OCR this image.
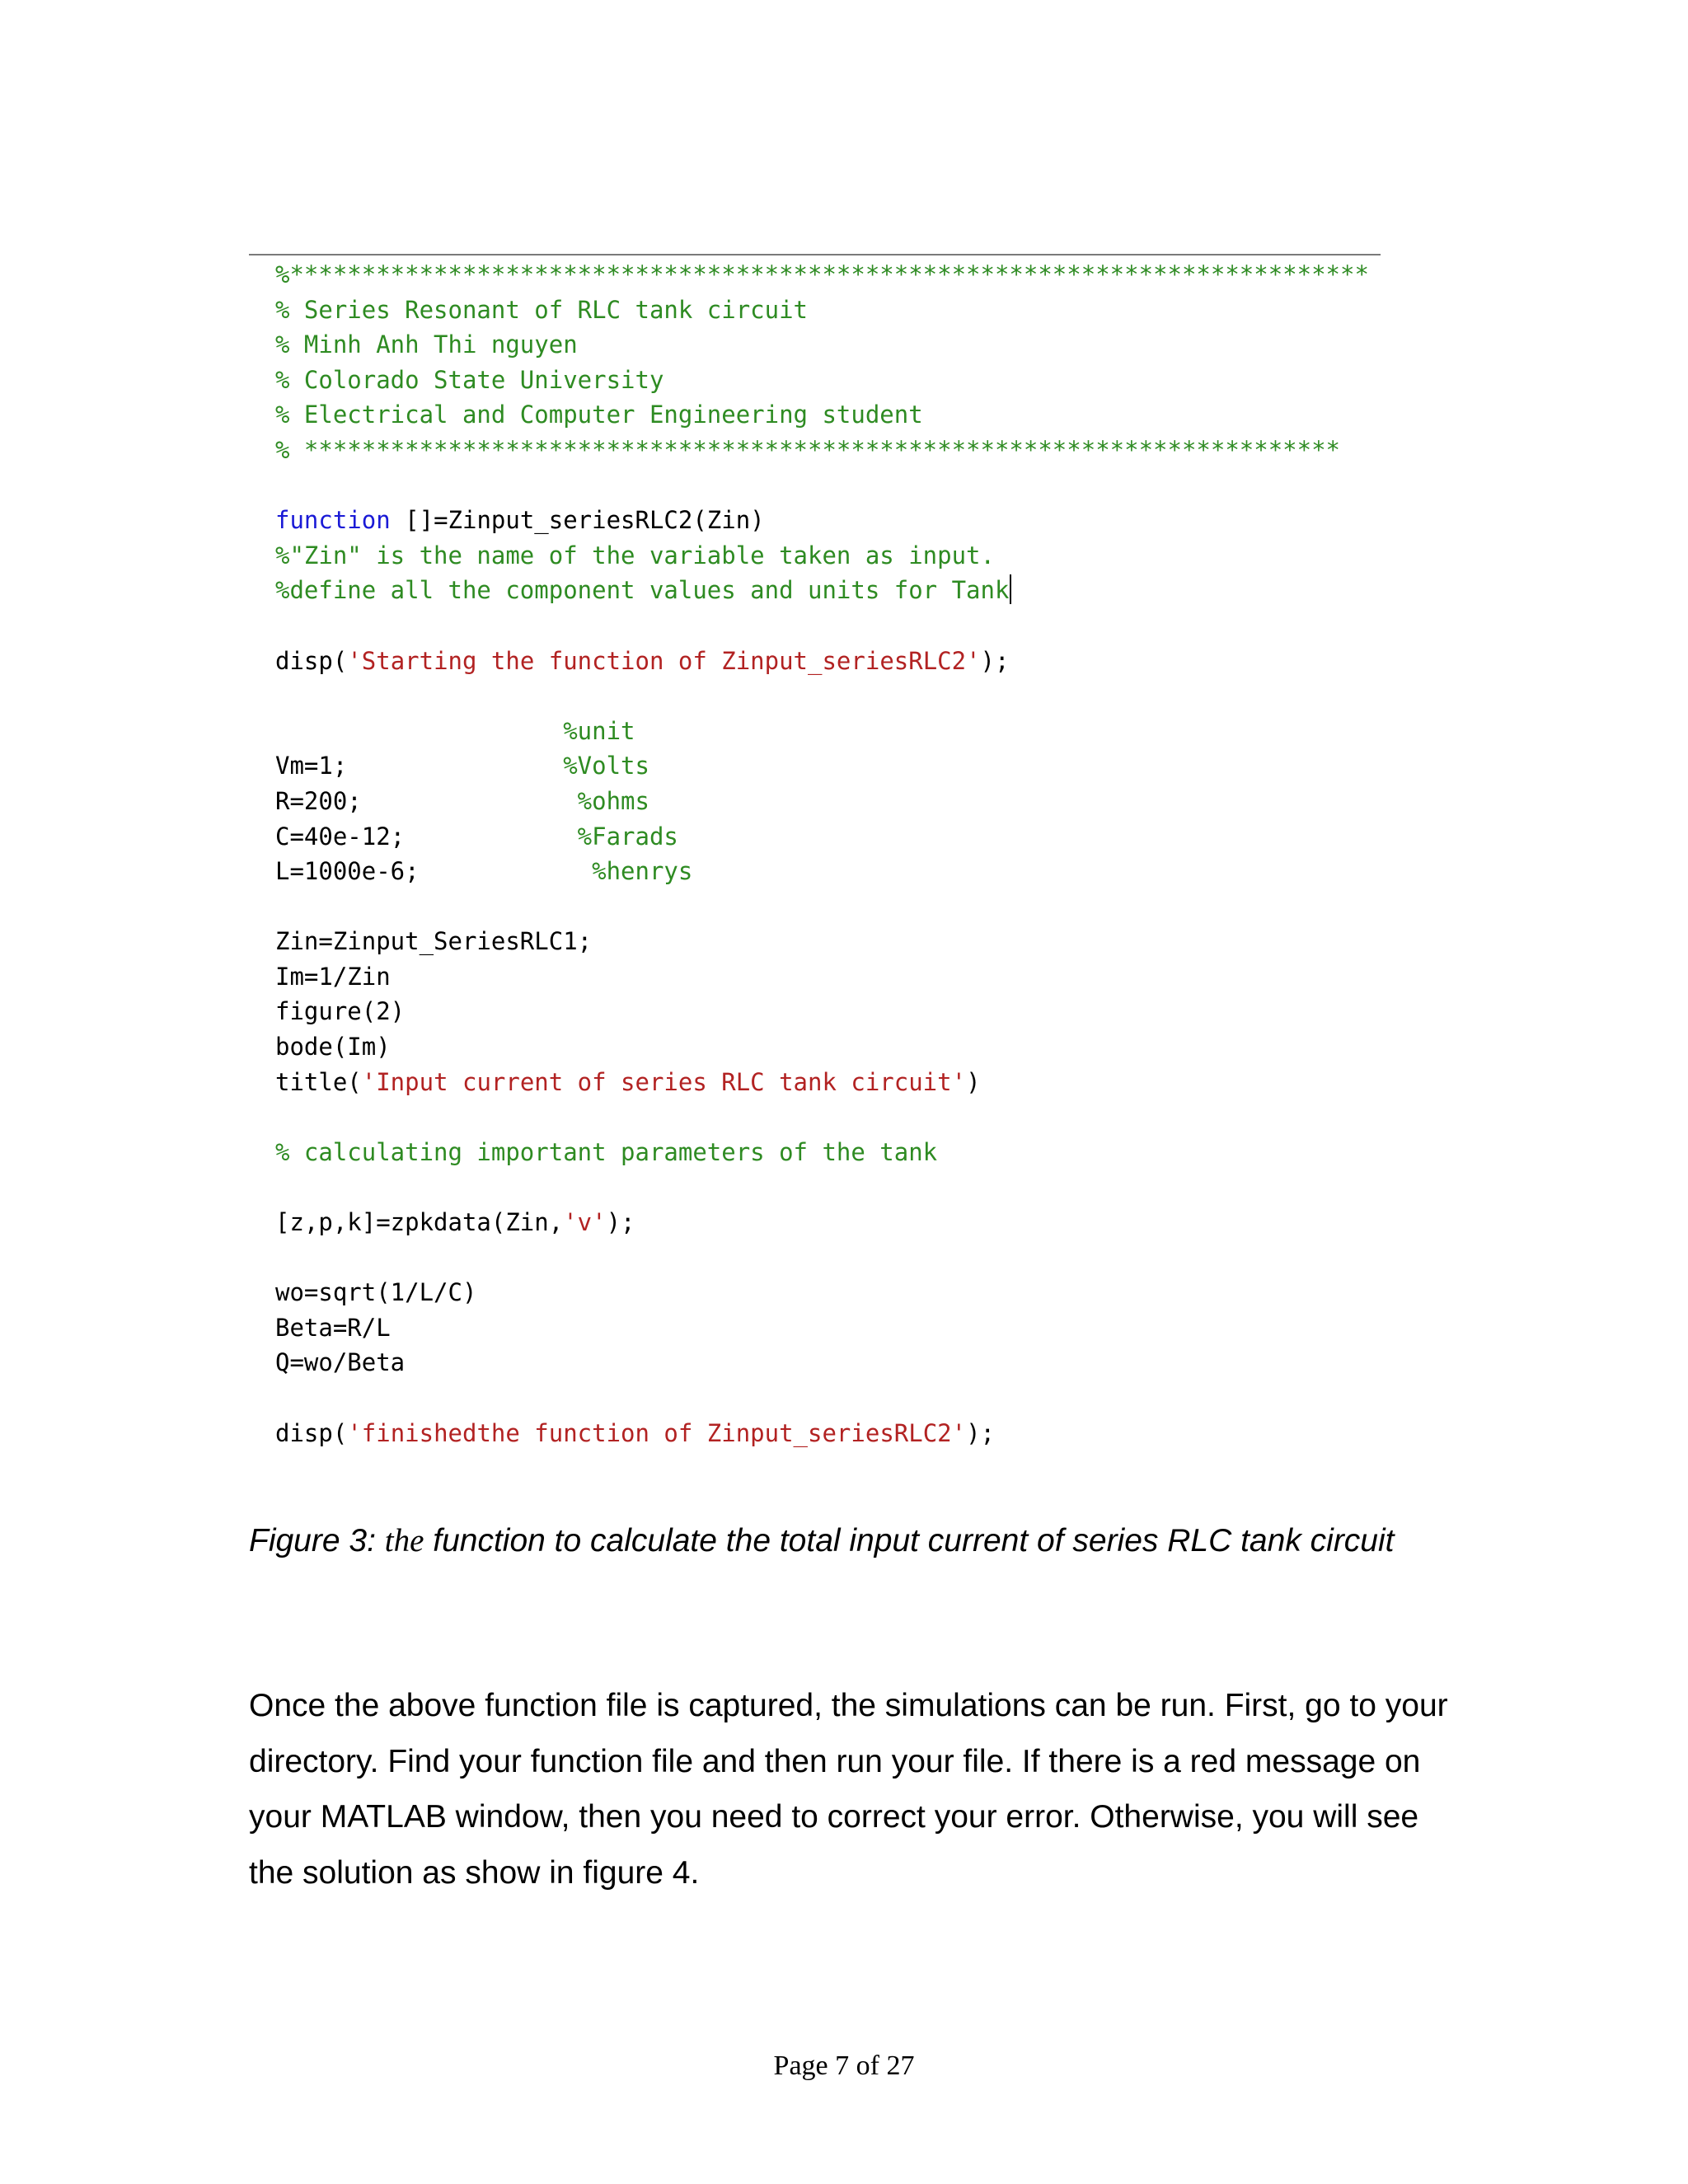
%***************************************************************************
% Series Resonant of RLC tank circuit
% Minh Anh Thi nguyen
% Colorado State University
% Electrical and Computer Engineering student
% ************************************************************************
function []=Zinput_seriesRLC2(Zin)
%"Zin" is the name of the variable taken as input.
%define all the component values and units for Tank
disp('Starting the function of Zinput_seriesRLC2');
%unit
Vm=1;               %Volts
R=200;               %ohms
C=40e-12;            %Farads
L=1000e-6;            %henrys
Zin=Zinput_SeriesRLC1;
Im=1/Zin
figure(2)
bode(Im)
title('Input current of series RLC tank circuit')
% calculating important parameters of the tank
[z,p,k]=zpkdata(Zin,'v');
wo=sqrt(1/L/C)
Beta=R/L
Q=wo/Beta
disp('finishedthe function of Zinput_seriesRLC2');
Figure 3: the function to calculate the total input current of series RLC tank circuit
Once the above function file is captured, the simulations can be run. First, go to your directory. Find your function file and then run your file. If there is a red message on your MATLAB window, then you need to correct your error. Otherwise, you will see the solution as show in figure 4.
Page 7 of 27
